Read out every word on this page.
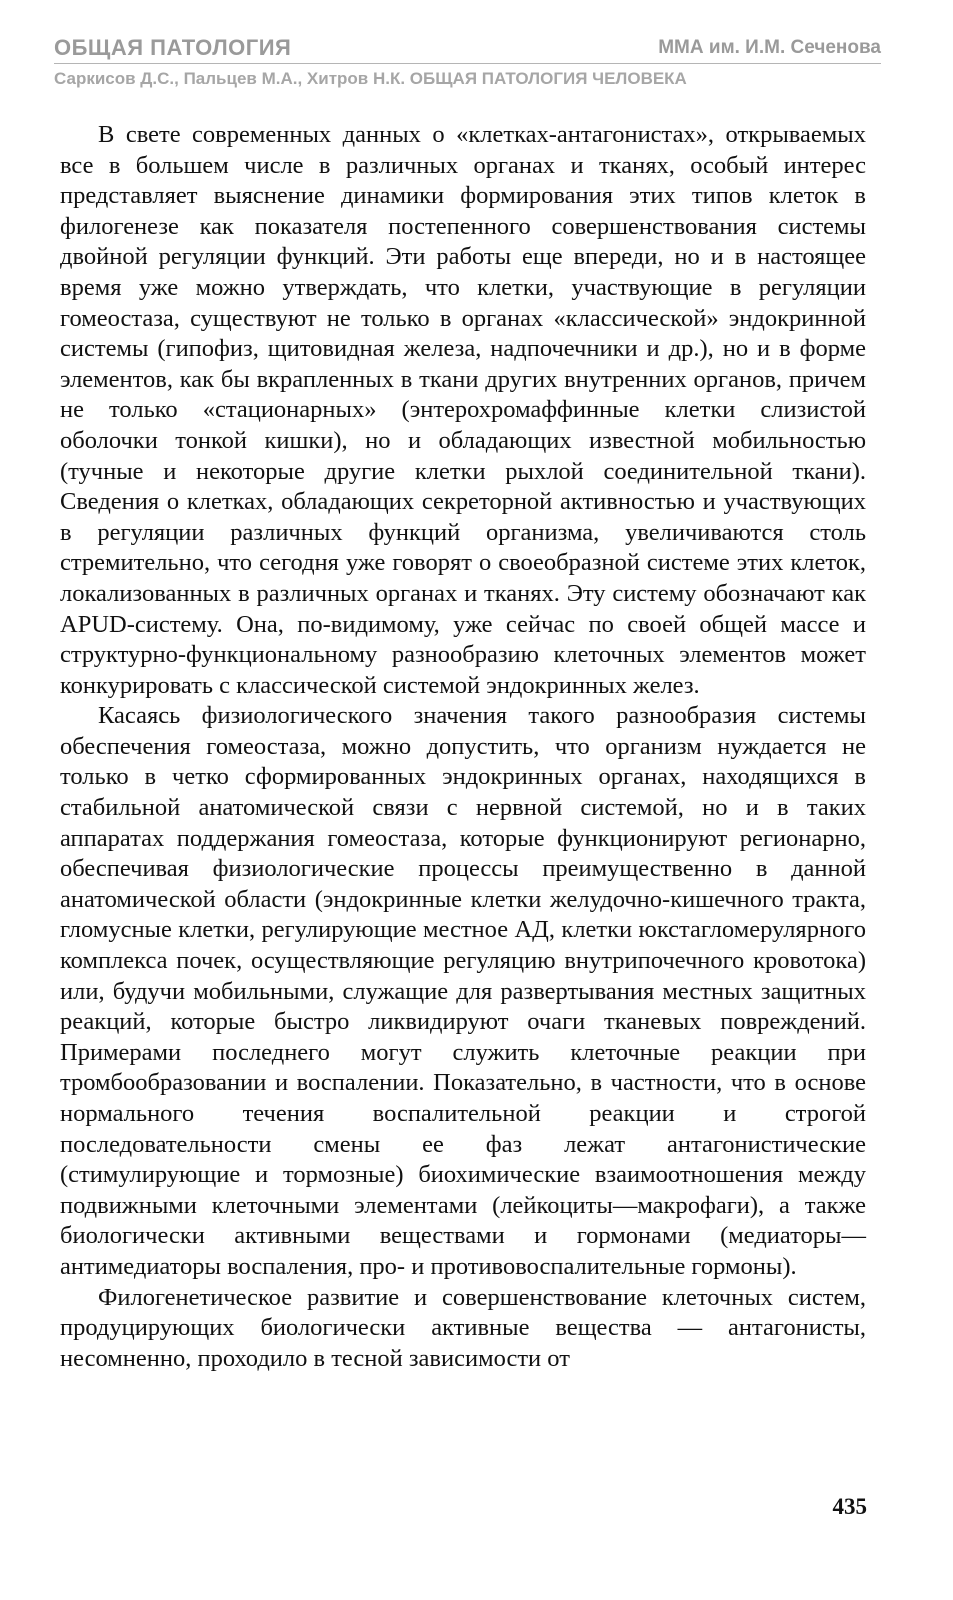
ОБЩАЯ ПАТОЛОГИЯ	ММА им. И.М. Сеченова
Саркисов Д.С., Пальцев М.А., Хитров Н.К. ОБЩАЯ ПАТОЛОГИЯ ЧЕЛОВЕКА

В свете современных данных о «клетках-антагонистах», открываемых все в большем числе в различных органах и тканях, особый интерес представляет выяснение динамики формирования этих типов клеток в филогенезе как показателя постепенного совершенствования системы двойной регуляции функций. Эти работы еще впереди, но и в настоящее время уже можно утверждать, что клетки, участвующие в регуляции гомеостаза, существуют не только в органах «классической» эндокринной системы (гипофиз, щитовидная железа, надпочечники и др.), но и в форме элементов, как бы вкрапленных в ткани других внутренних органов, причем не только «стационарных» (энтерохромаффинные клетки слизистой оболочки тонкой кишки), но и обладающих известной мобильностью (тучные и некоторые другие клетки рыхлой соединительной ткани). Сведения о клетках, обладающих секреторной активностью и участвующих в регуляции различных функций организма, увеличиваются столь стремительно, что сегодня уже говорят о своеобразной системе этих клеток, локализованных в различных органах и тканях. Эту систему обозначают как APUD-систему. Она, по-видимому, уже сейчас по своей общей массе и структурно-функциональному разнообразию клеточных элементов может конкурировать с классической системой эндокринных желез.

Касаясь физиологического значения такого разнообразия системы обеспечения гомеостаза, можно допустить, что организм нуждается не только в четко сформированных эндокринных органах, находящихся в стабильной анатомической связи с нервной системой, но и в таких аппаратах поддержания гомеостаза, которые функционируют регионарно, обеспечивая физиологические процессы преимущественно в данной анатомической области (эндокринные клетки желудочно-кишечного тракта, гломусные клетки, регулирующие местное АД, клетки юкстагломерулярного комплекса почек, осуществляющие регуляцию внутрипочечного кровотока) или, будучи мобильными, служащие для развертывания местных защитных реакций, которые быстро ликвидируют очаги тканевых повреждений. Примерами последнего могут служить клеточные реакции при тромбообразовании и воспалении. Показательно, в частности, что в основе нормального течения воспалительной реакции и строгой последовательности смены ее фаз лежат антагонистические (стимулирующие и тормозные) биохимические взаимоотношения между подвижными клеточными элементами (лейкоциты—макрофаги), а также биологически активными веществами и гормонами (медиаторы—антимедиаторы воспаления, про- и противовоспалительные гормоны).

Филогенетическое развитие и совершенствование клеточных систем, продуцирующих биологически активные вещества — антагонисты, несомненно, проходило в тесной зависимости от

435
